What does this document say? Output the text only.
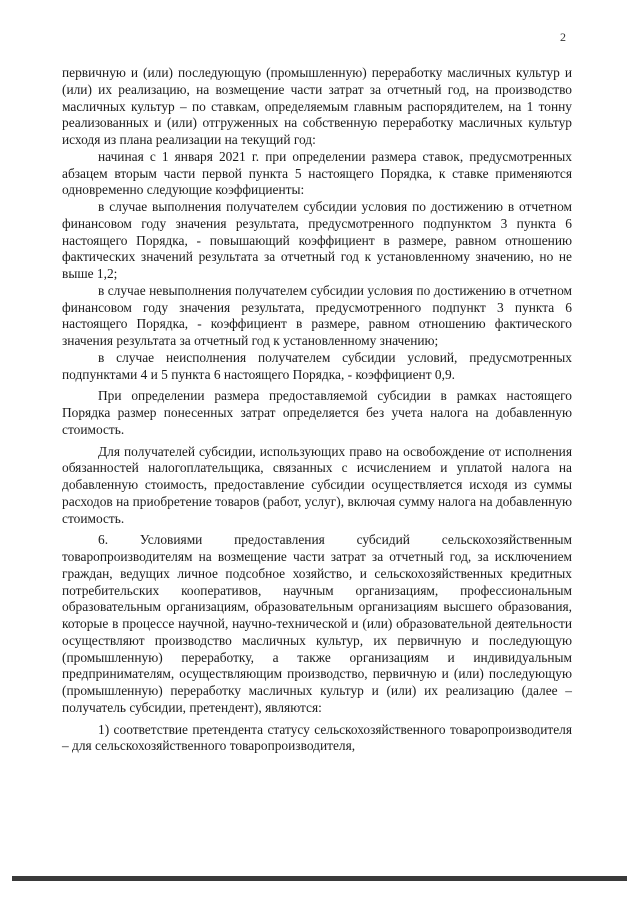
2

первичную и (или) последующую (промышленную) переработку масличных культур и (или) их реализацию, на возмещение части затрат за отчетный год, на производство масличных культур – по ставкам, определяемым главным распорядителем, на 1 тонну реализованных и (или) отгруженных на собственную переработку масличных культур исходя из плана реализации на текущий год:

начиная с 1 января 2021 г. при определении размера ставок, предусмотренных абзацем вторым части первой пункта 5 настоящего Порядка, к ставке применяются одновременно следующие коэффициенты:

в случае выполнения получателем субсидии условия по достижению в отчетном финансовом году значения результата, предусмотренного подпунктом 3 пункта 6 настоящего Порядка, - повышающий коэффициент в размере, равном отношению фактических значений результата за отчетный год к установленному значению, но не выше 1,2;

в случае невыполнения получателем субсидии условия по достижению в отчетном финансовом году значения результата, предусмотренного подпункт 3 пункта 6 настоящего Порядка, - коэффициент в размере, равном отношению фактического значения результата за отчетный год к установленному значению;

в случае неисполнения получателем субсидии условий, предусмотренных подпунктами 4 и 5 пункта 6 настоящего Порядка, - коэффициент 0,9.

При определении размера предоставляемой субсидии в рамках настоящего Порядка размер понесенных затрат определяется без учета налога на добавленную стоимость.

Для получателей субсидии, использующих право на освобождение от исполнения обязанностей налогоплательщика, связанных с исчислением и уплатой налога на добавленную стоимость, предоставление субсидии осуществляется исходя из суммы расходов на приобретение товаров (работ, услуг), включая сумму налога на добавленную стоимость.

6. Условиями предоставления субсидий сельскохозяйственным товаропроизводителям на возмещение части затрат за отчетный год, за исключением граждан, ведущих личное подсобное хозяйство, и сельскохозяйственных кредитных потребительских кооперативов, научным организациям, профессиональным образовательным организациям, образовательным организациям высшего образования, которые в процессе научной, научно-технической и (или) образовательной деятельности осуществляют производство масличных культур, их первичную и последующую (промышленную) переработку, а также организациям и индивидуальным предпринимателям, осуществляющим производство, первичную и (или) последующую (промышленную) переработку масличных культур и (или) их реализацию (далее – получатель субсидии, претендент), являются:

1) соответствие претендента статусу сельскохозяйственного товаропроизводителя – для сельскохозяйственного товаропроизводителя,
